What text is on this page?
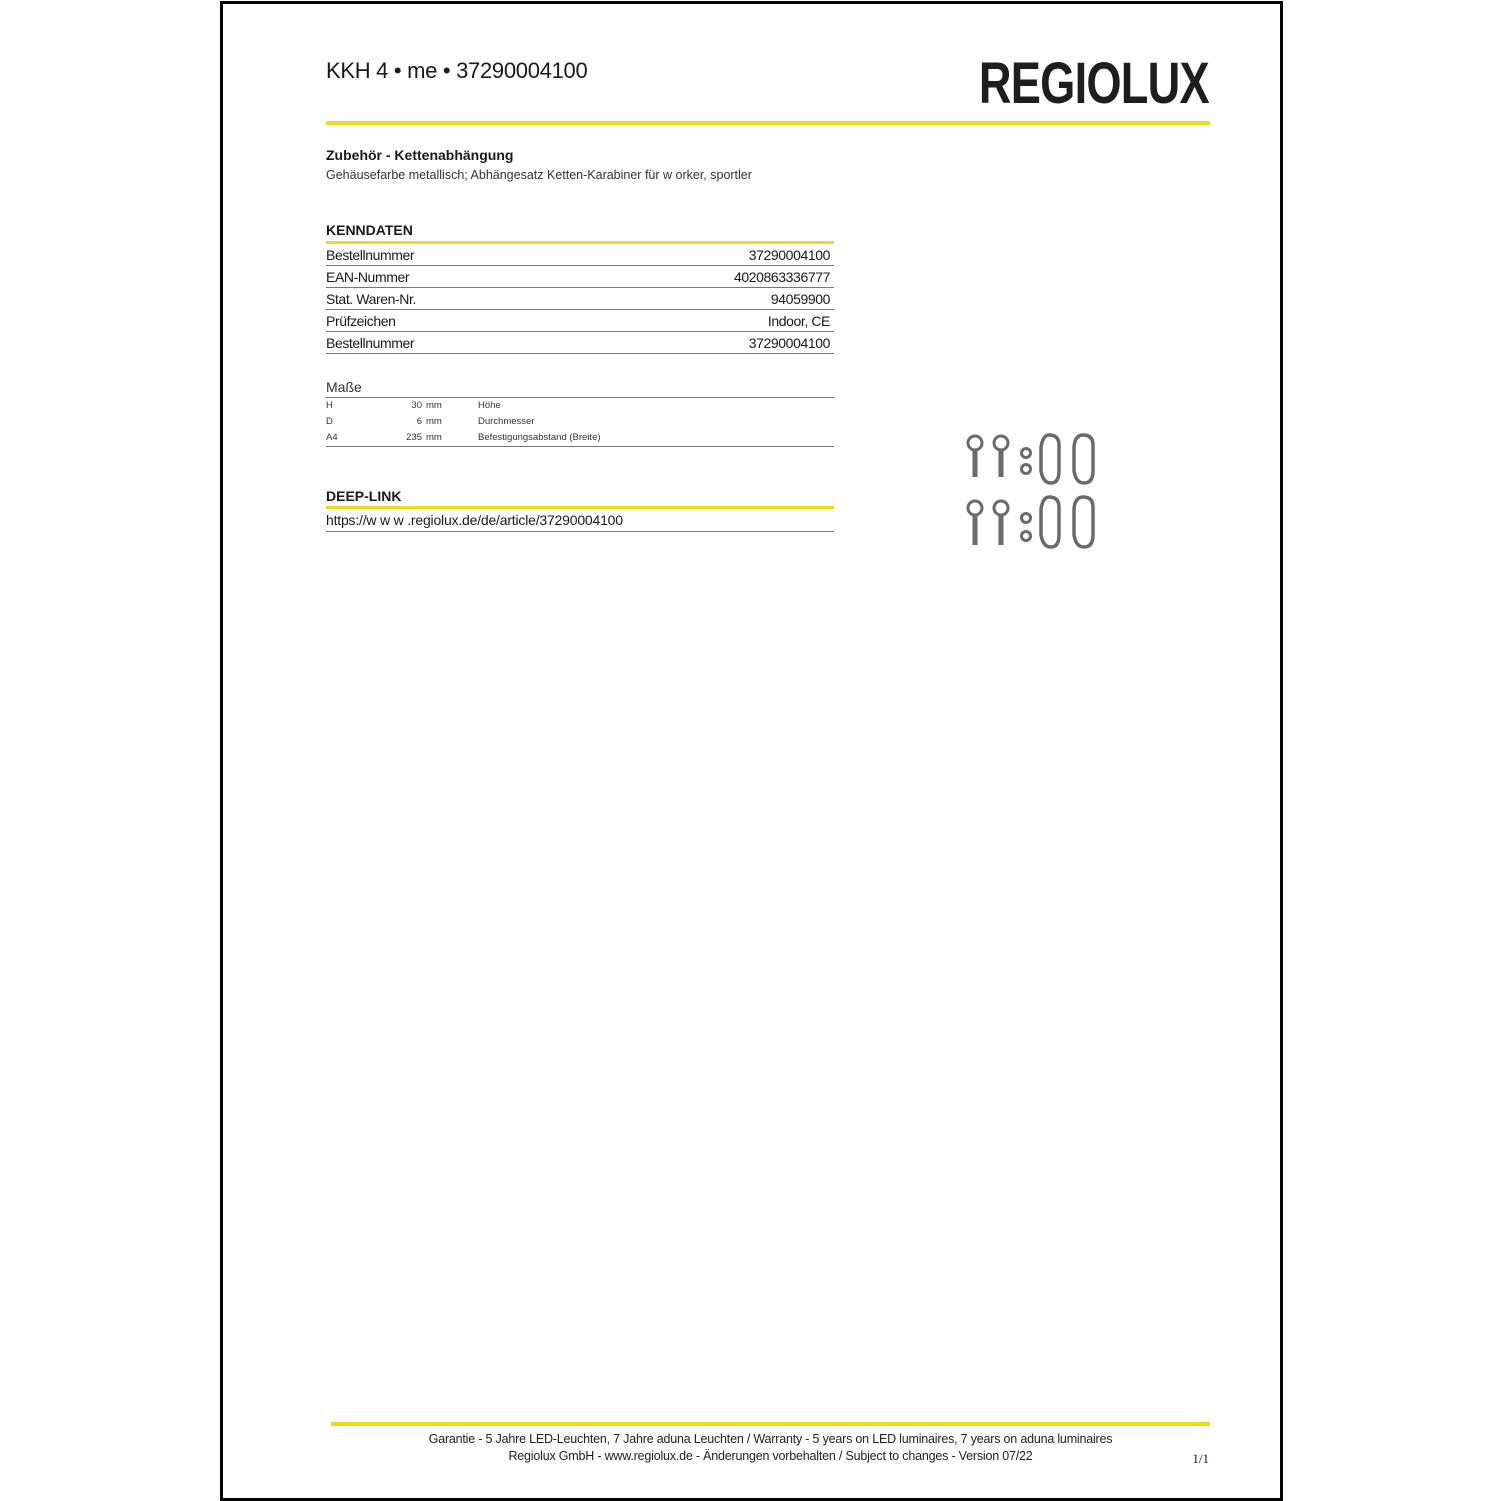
KKH 4 • me • 37290004100	REGIOLUX
Zubehör - Kettenabhängung
Gehäusefarbe metallisch; Abhängesatz Ketten-Karabiner für w orker, sportler
KENNDATEN
Bestellnummer	37290004100
EAN-Nummer	4020863336777
Stat. Waren-Nr.	94059900
Prüfzeichen	Indoor, CE
Bestellnummer	37290004100
Maße
H	30 mm	Höhe
D	6 mm	Durchmesser
A4	235 mm	Befestigungsabstand (Breite)
DEEP-LINK
https://w w w .regiolux.de/de/article/37290004100
Garantie - 5 Jahre LED-Leuchten, 7 Jahre aduna Leuchten / Warranty - 5 years on LED luminaires, 7 years on aduna luminaires
Regiolux GmbH - www.regiolux.de - Änderungen vorbehalten / Subject to changes - Version 07/22	1/1
